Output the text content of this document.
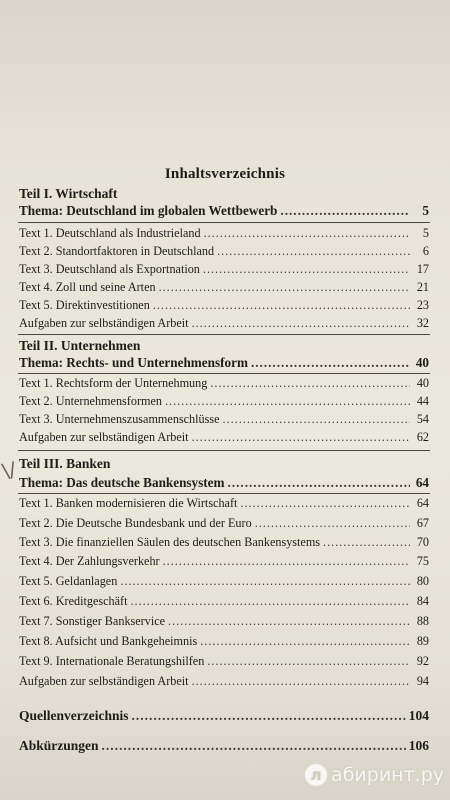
Inhaltsverzeichnis
Teil I. Wirtschaft
Thema: Deutschland im globalen Wettbewerb .....	5
Text 1. Deutschland als Industrieland .....	5
Text 2. Standortfaktoren in Deutschland .....	6
Text 3. Deutschland als Exportnation .....	17
Text 4. Zoll und seine Arten .....	21
Text 5. Direktinvestitionen .....	23
Aufgaben zur selbständigen Arbeit .....	32
Teil II. Unternehmen
Thema: Rechts- und Unternehmensform .....	40
Text 1. Rechtsform der Unternehmung .....	40
Text 2. Unternehmensformen .....	44
Text 3. Unternehmenszusammenschlüsse .....	54
Aufgaben zur selbständigen Arbeit .....	62
\/ Teil III. Banken
Thema: Das deutsche Bankensystem .....	64
Text 1. Banken modernisieren die Wirtschaft .....	64
Text 2. Die Deutsche Bundesbank und der Euro .....	67
Text 3. Die finanziellen Säulen des deutschen Bankensystems .....	70
Text 4. Der Zahlungsverkehr .....	75
Text 5. Geldanlagen .....	80
Text 6. Kreditgeschäft .....	84
Text 7. Sonstiger Bankservice .....	88
Text 8. Aufsicht und Bankgeheimnis .....	89
Text 9. Internationale Beratungshilfen .....	92
Aufgaben zur selbständigen Arbeit .....	94
Quellenverzeichnis .....	104
Abkürzungen .....	106
л абиринт.ру
